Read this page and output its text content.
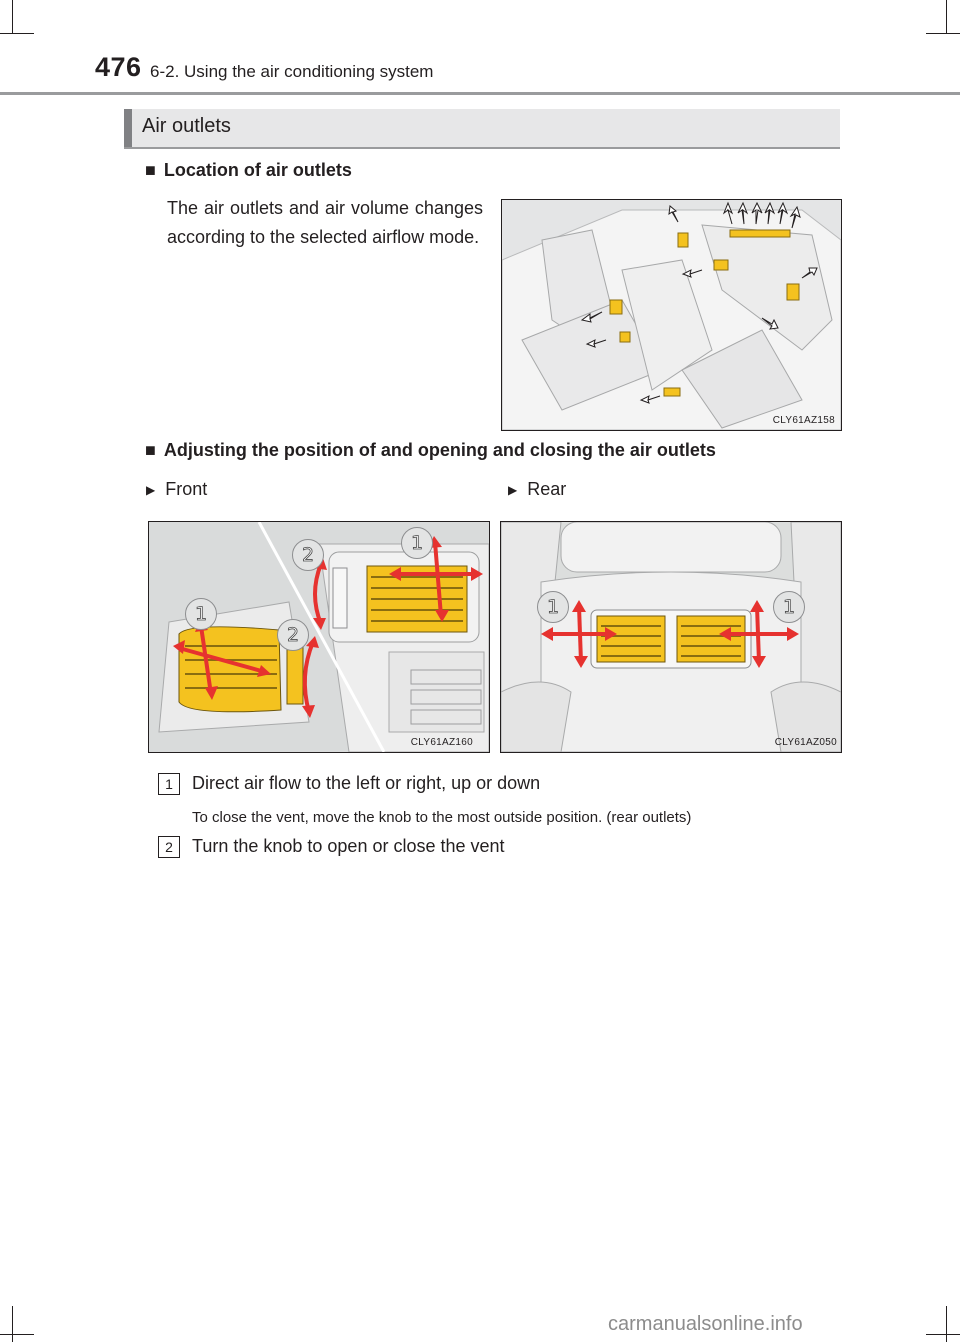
476 6-2. Using the air conditioning system
Air outlets
■ Location of air outlets
The air outlets and air volume changes according to the selected airflow mode.
CLY61AZ158
■ Adjusting the position of and opening and closing the air outlets
▶ Front	▶ Rear
2
1
1
2
CLY61AZ160
1	1
CLY61AZ050
1	Direct air flow to the left or right, up or down
To close the vent, move the knob to the most outside position. (rear outlets)
2	Turn the knob to open or close the vent
carmanualsonline.info
